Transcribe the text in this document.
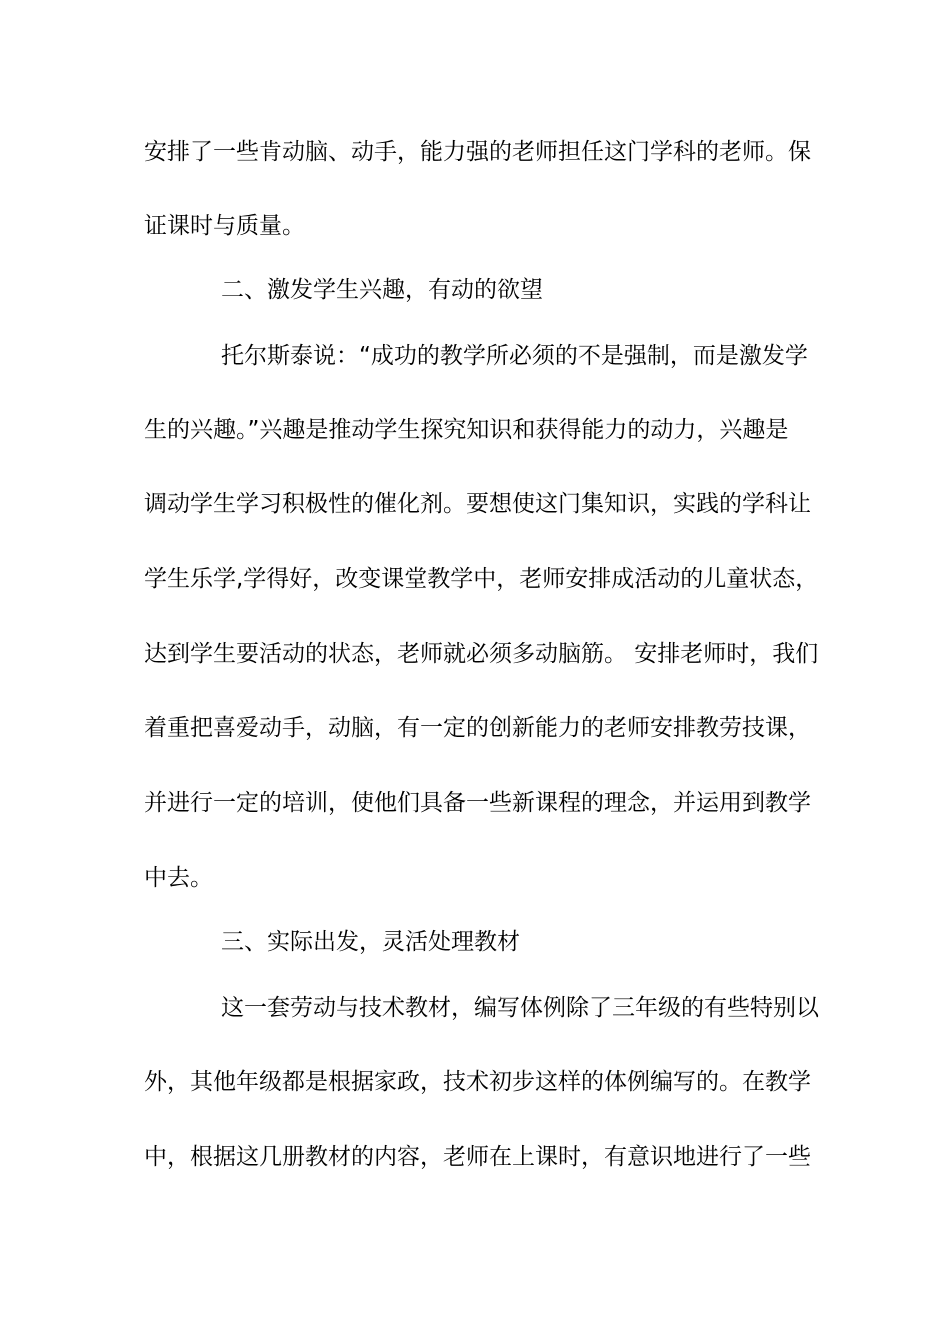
安排了一些肯动脑、动手，能力强的老师担任这门学科的老师。保
证课时与质量。
二、激发学生兴趣，有动的欲望
托尔斯泰说：“成功的教学所必须的不是强制，而是激发学
生的兴趣。”兴趣是推动学生探究知识和获得能力的动力，兴趣是
调动学生学习积极性的催化剂。要想使这门集知识，实践的学科让
学生乐学,学得好，改变课堂教学中，老师安排成活动的儿童状态，
达到学生要活动的状态，老师就必须多动脑筋。 安排老师时，我们
着重把喜爱动手，动脑，有一定的创新能力的老师安排教劳技课，
并进行一定的培训，使他们具备一些新课程的理念，并运用到教学
中去。
三、实际出发，灵活处理教材
这一套劳动与技术教材，编写体例除了三年级的有些特别以
外，其他年级都是根据家政，技术初步这样的体例编写的。在教学
中，根据这几册教材的内容，老师在上课时，有意识地进行了一些
